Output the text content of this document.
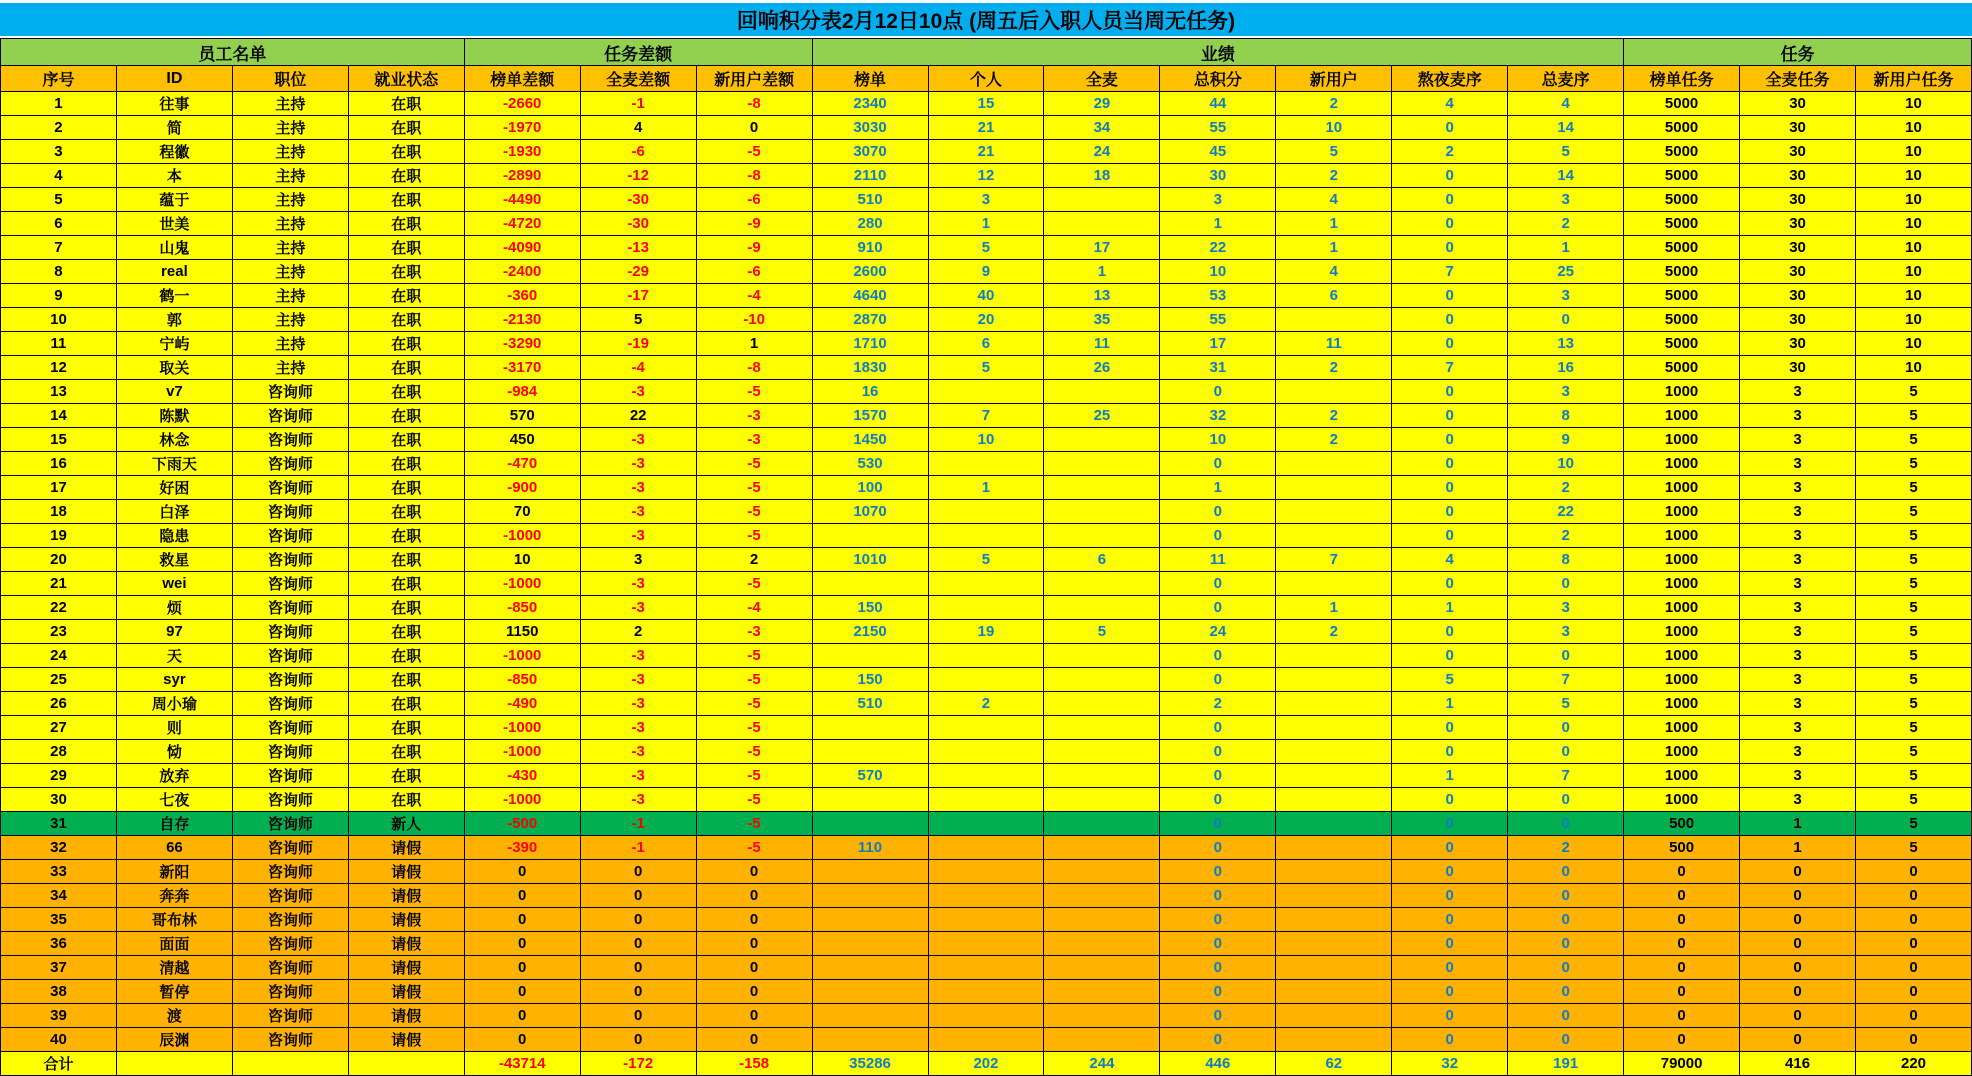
回响积分表2月12日10点 (周五后入职人员当周无任务)
员工名单				任务差额			业绩							任务		
序号	ID	职位	就业状态	榜单差额	全麦差额	新用户差额	榜单	个人	全麦	总积分	新用户	熬夜麦序	总麦序	榜单任务	全麦任务	新用户任务
1	往事	主持	在职	-2660	-1	-8	2340	15	29	44	2	4	4	5000	30	10
2	简	主持	在职	-1970	4	0	3030	21	34	55	10	0	14	5000	30	10
3	程徽	主持	在职	-1930	-6	-5	3070	21	24	45	5	2	5	5000	30	10
4	本	主持	在职	-2890	-12	-8	2110	12	18	30	2	0	14	5000	30	10
5	蕴于	主持	在职	-4490	-30	-6	510	3		3	4	0	3	5000	30	10
6	世美	主持	在职	-4720	-30	-9	280	1		1	1	0	2	5000	30	10
7	山鬼	主持	在职	-4090	-13	-9	910	5	17	22	1	0	1	5000	30	10
8	real	主持	在职	-2400	-29	-6	2600	9	1	10	4	7	25	5000	30	10
9	鹤一	主持	在职	-360	-17	-4	4640	40	13	53	6	0	3	5000	30	10
10	郭	主持	在职	-2130	5	-10	2870	20	35	55		0	0	5000	30	10
11	宁屿	主持	在职	-3290	-19	1	1710	6	11	17	11	0	13	5000	30	10
12	取关	主持	在职	-3170	-4	-8	1830	5	26	31	2	7	16	5000	30	10
13	v7	咨询师	在职	-984	-3	-5	16			0		0	3	1000	3	5
14	陈默	咨询师	在职	570	22	-3	1570	7	25	32	2	0	8	1000	3	5
15	林念	咨询师	在职	450	-3	-3	1450	10		10	2	0	9	1000	3	5
16	下雨天	咨询师	在职	-470	-3	-5	530			0		0	10	1000	3	5
17	好困	咨询师	在职	-900	-3	-5	100	1		1		0	2	1000	3	5
18	白泽	咨询师	在职	70	-3	-5	1070			0		0	22	1000	3	5
19	隐患	咨询师	在职	-1000	-3	-5				0		0	2	1000	3	5
20	救星	咨询师	在职	10	3	2	1010	5	6	11	7	4	8	1000	3	5
21	wei	咨询师	在职	-1000	-3	-5				0		0	0	1000	3	5
22	烦	咨询师	在职	-850	-3	-4	150			0	1	1	3	1000	3	5
23	97	咨询师	在职	1150	2	-3	2150	19	5	24	2	0	3	1000	3	5
24	天	咨询师	在职	-1000	-3	-5				0		0	0	1000	3	5
25	syr	咨询师	在职	-850	-3	-5	150			0		5	7	1000	3	5
26	周小瑜	咨询师	在职	-490	-3	-5	510	2		2		1	5	1000	3	5
27	则	咨询师	在职	-1000	-3	-5				0		0	0	1000	3	5
28	恸	咨询师	在职	-1000	-3	-5				0		0	0	1000	3	5
29	放弃	咨询师	在职	-430	-3	-5	570			0		1	7	1000	3	5
30	七夜	咨询师	在职	-1000	-3	-5				0		0	0	1000	3	5
31	自存	咨询师	新人	-500	-1	-5				0		0	0	500	1	5
32	66	咨询师	请假	-390	-1	-5	110			0		0	2	500	1	5
33	新阳	咨询师	请假	0	0	0				0		0	0	0	0	0
34	奔奔	咨询师	请假	0	0	0				0		0	0	0	0	0
35	哥布林	咨询师	请假	0	0	0				0		0	0	0	0	0
36	面面	咨询师	请假	0	0	0				0		0	0	0	0	0
37	清越	咨询师	请假	0	0	0				0		0	0	0	0	0
38	暂停	咨询师	请假	0	0	0				0		0	0	0	0	0
39	渡	咨询师	请假	0	0	0				0		0	0	0	0	0
40	辰渊	咨询师	请假	0	0	0				0		0	0	0	0	0
合计				-43714	-172	-158	35286	202	244	446	62	32	191	79000	416	220
